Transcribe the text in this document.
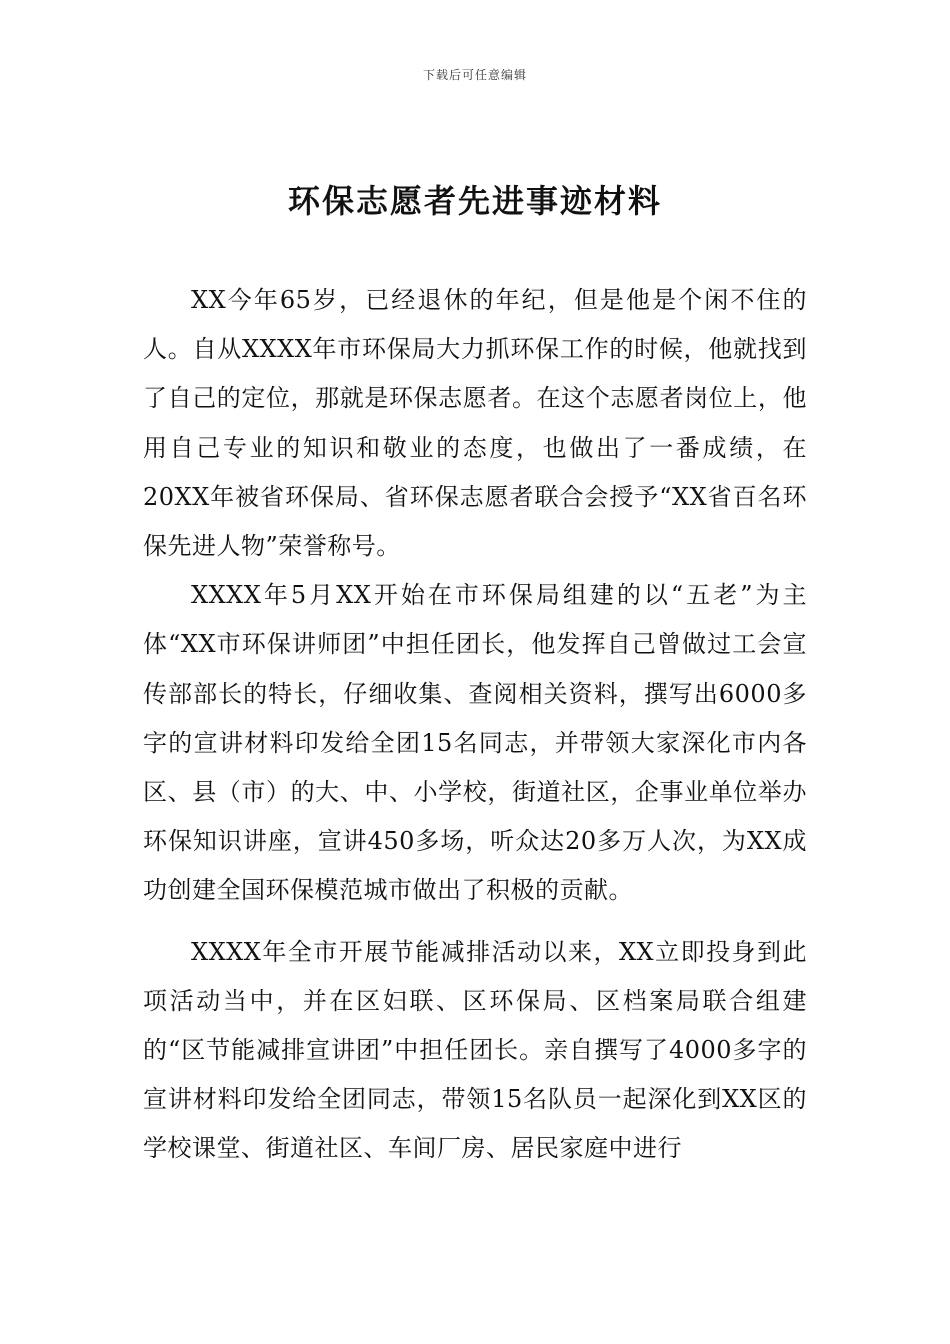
下载后可任意编辑
环保志愿者先进事迹材料

XX今年65岁，已经退休的年纪，但是他是个闲不住的人。自从XXXX年市环保局大力抓环保工作的时候，他就找到了自己的定位，那就是环保志愿者。在这个志愿者岗位上，他用自己专业的知识和敬业的态度，也做出了一番成绩，在20XX年被省环保局、省环保志愿者联合会授予“XX省百名环保先进人物”荣誉称号。

XXXX年5月XX开始在市环保局组建的以“五老”为主体“XX市环保讲师团”中担任团长，他发挥自己曾做过工会宣传部部长的特长，仔细收集、查阅相关资料，撰写出6000多字的宣讲材料印发给全团15名同志，并带领大家深化市内各区、县（市）的大、中、小学校，街道社区，企事业单位举办环保知识讲座，宣讲450多场，听众达20多万人次，为XX成功创建全国环保模范城市做出了积极的贡献。

XXXX年全市开展节能减排活动以来，XX立即投身到此项活动当中，并在区妇联、区环保局、区档案局联合组建的“区节能减排宣讲团”中担任团长。亲自撰写了4000多字的宣讲材料印发给全团同志，带领15名队员一起深化到XX区的学校课堂、街道社区、车间厂房、居民家庭中进行
